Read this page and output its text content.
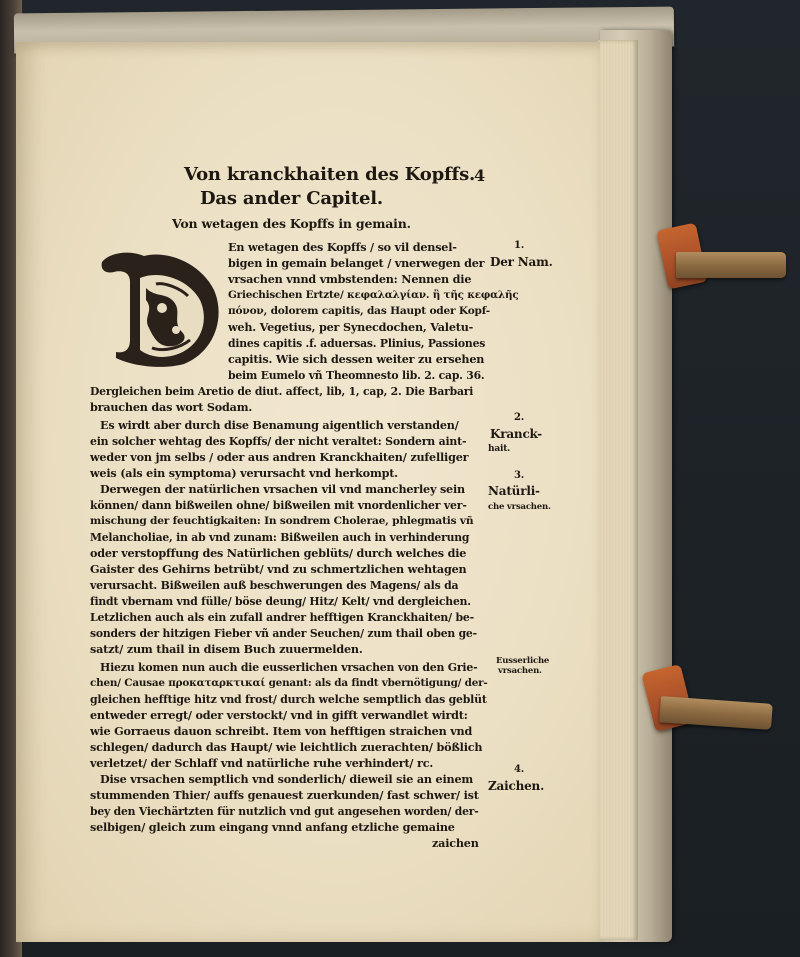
Von kranckhaiten des Kopffs.
4
Das ander Capitel.
Von wetagen des Kopffs in gemain.
En wetagen des Kopffs / so vil densel-
bigen in gemain belanget / vnerwegen der
vrsachen vnnd vmbstenden: Nennen die
Griechischen Ertzte/ κεφαλαλγίαν. ἢ τῆς κεφαλῆς
πόνον, dolorem capitis, das Haupt oder Kopf-
weh. Vegetius, per Synecdochen, Valetu-
dines capitis .f. aduersas. Plinius, Passiones
capitis. Wie sich dessen weiter zu ersehen
beim Eumelo vñ Theomnesto lib. 2. cap. 36.
Dergleichen beim Aretio de diut. affect, lib, 1, cap, 2. Die Barbari
brauchen das wort Sodam.
Es wirdt aber durch dise Benamung aigentlich verstanden/
ein solcher wehtag des Kopffs/ der nicht veraltet: Sondern aint-
weder von jm selbs / oder aus andren Kranckhaiten/ zufelliger
weis (als ein symptoma) verursacht vnd herkompt.
Derwegen der natürlichen vrsachen vil vnd mancherley sein
können/ dann bißweilen ohne/ bißweilen mit vnordenlicher ver-
mischung der feuchtigkaiten: In sondrem Cholerae, phlegmatis vñ
Melancholiae, in ab vnd zunam: Bißweilen auch in verhinderung
oder verstopffung des Natürlichen geblüts/ durch welches die
Gaister des Gehirns betrübt/ vnd zu schmertzlichen wehtagen
verursacht. Bißweilen auß beschwerungen des Magens/ als da
findt vbernam vnd fülle/ böse deung/ Hitz/ Kelt/ vnd dergleichen.
Letzlichen auch als ein zufall andrer hefftigen Kranckhaiten/ be-
sonders der hitzigen Fieber vñ ander Seuchen/ zum thail oben ge-
satzt/ zum thail in disem Buch zuuermelden.
Hiezu komen nun auch die eusserlichen vrsachen von den Grie-
chen/ Causae προκαταρκτικαί genant: als da findt vbernötigung/ der-
gleichen hefftige hitz vnd frost/ durch welche semptlich das geblüt
entweder erregt/ oder verstockt/ vnd in gifft verwandlet wirdt:
wie Gorraeus dauon schreibt. Item von hefftigen straichen vnd
schlegen/ dadurch das Haupt/ wie leichtlich zuerachten/ bößlich
verletzet/ der Schlaff vnd natürliche ruhe verhindert/ rc.
Dise vrsachen semptlich vnd sonderlich/ dieweil sie an einem
stummenden Thier/ auffs genauest zuerkunden/ fast schwer/ ist
bey den Viechärtzten für nutzlich vnd gut angesehen worden/ der-
selbigen/ gleich zum eingang vnnd anfang etzliche gemaine
zaichen
1.
Der Nam.
2.
Kranck-
hait.
3.
Natürli-
che vrsachen.
Eusserliche
vrsachen.
4.
Zaichen.
